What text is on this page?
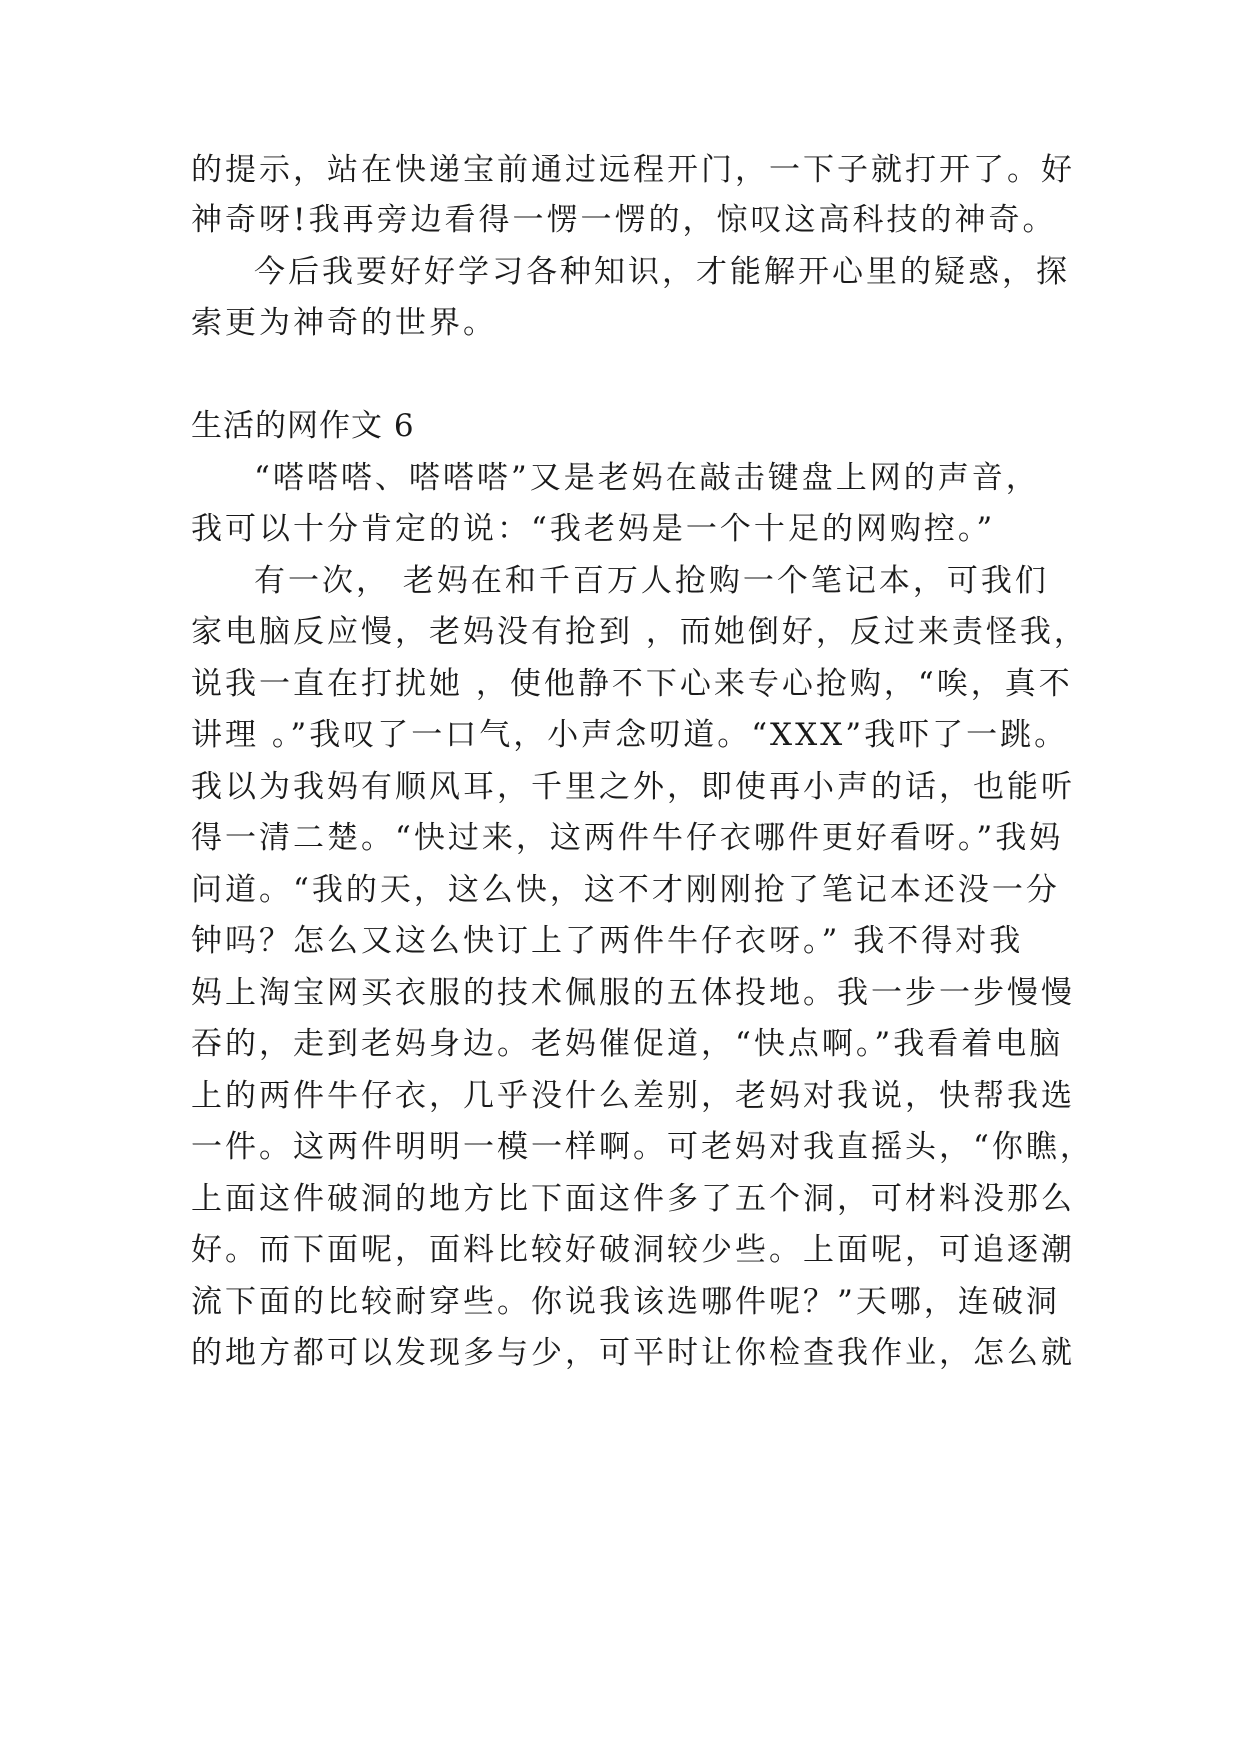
的提示，站在快递宝前通过远程开门，一下子就打开了。好
神奇呀!我再旁边看得一愣一愣的，惊叹这高科技的神奇。
今后我要好好学习各种知识，才能解开心里的疑惑，探
索更为神奇的世界。
生活的网作文 6
“嗒嗒嗒、嗒嗒嗒”又是老妈在敲击键盘上网的声音，
我可以十分肯定的说：“我老妈是一个十足的网购控。”
有一次， 老妈在和千百万人抢购一个笔记本，可我们
家电脑反应慢，老妈没有抢到 ，而她倒好，反过来责怪我，
说我一直在打扰她 ，使他静不下心来专心抢购，“唉，真不
讲理 。”我叹了一口气，小声念叨道。“XXX”我吓了一跳。
我以为我妈有顺风耳，千里之外，即使再小声的话，也能听
得一清二楚。“快过来，这两件牛仔衣哪件更好看呀。”我妈
问道。“我的天，这么快，这不才刚刚抢了笔记本还没一分
钟吗？怎么又这么快订上了两件牛仔衣呀。” 我不得对我
妈上淘宝网买衣服的技术佩服的五体投地。我一步一步慢慢
吞的，走到老妈身边。老妈催促道，“快点啊。”我看着电脑
上的两件牛仔衣，几乎没什么差别，老妈对我说，快帮我选
一件。这两件明明一模一样啊。可老妈对我直摇头，“你瞧，
上面这件破洞的地方比下面这件多了五个洞，可材料没那么
好。而下面呢，面料比较好破洞较少些。上面呢，可追逐潮
流下面的比较耐穿些。你说我该选哪件呢？”天哪，连破洞
的地方都可以发现多与少，可平时让你检查我作业，怎么就
